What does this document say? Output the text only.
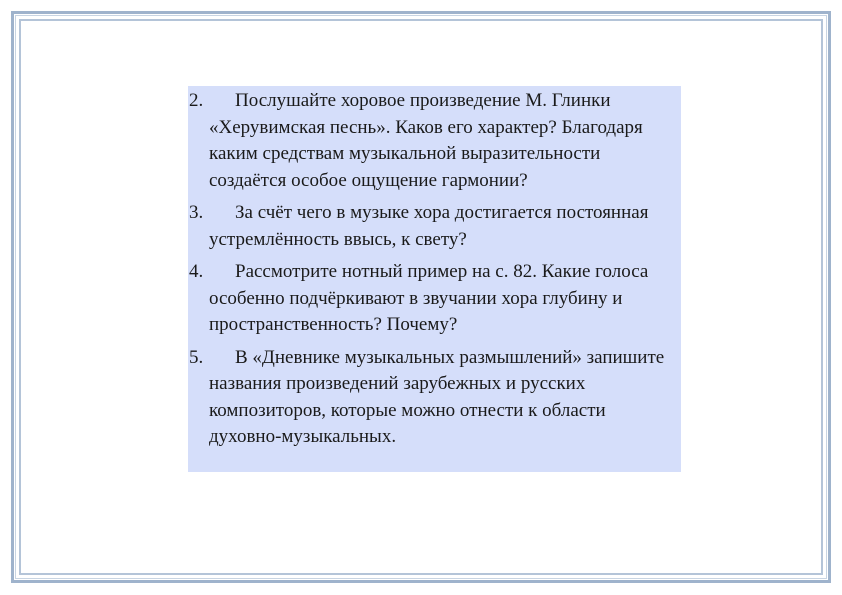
2.	Послушайте хоровое произведение М. Глинки «Херувимская песнь». Каков его характер? Благодаря каким средствам музыкальной выразительности создаётся особое ощущение гармонии?
3.	За счёт чего в музыке хора достигается постоянная устремлённость ввысь, к свету?
4.	Рассмотрите нотный пример на с. 82. Какие голоса особенно подчёркивают в звучании хора глубину и пространственность? Почему?
5.	В «Дневнике музыкальных размышлений» запишите названия произведений зарубежных и русских композиторов, которые можно отнести к области духовно-музыкальных.
